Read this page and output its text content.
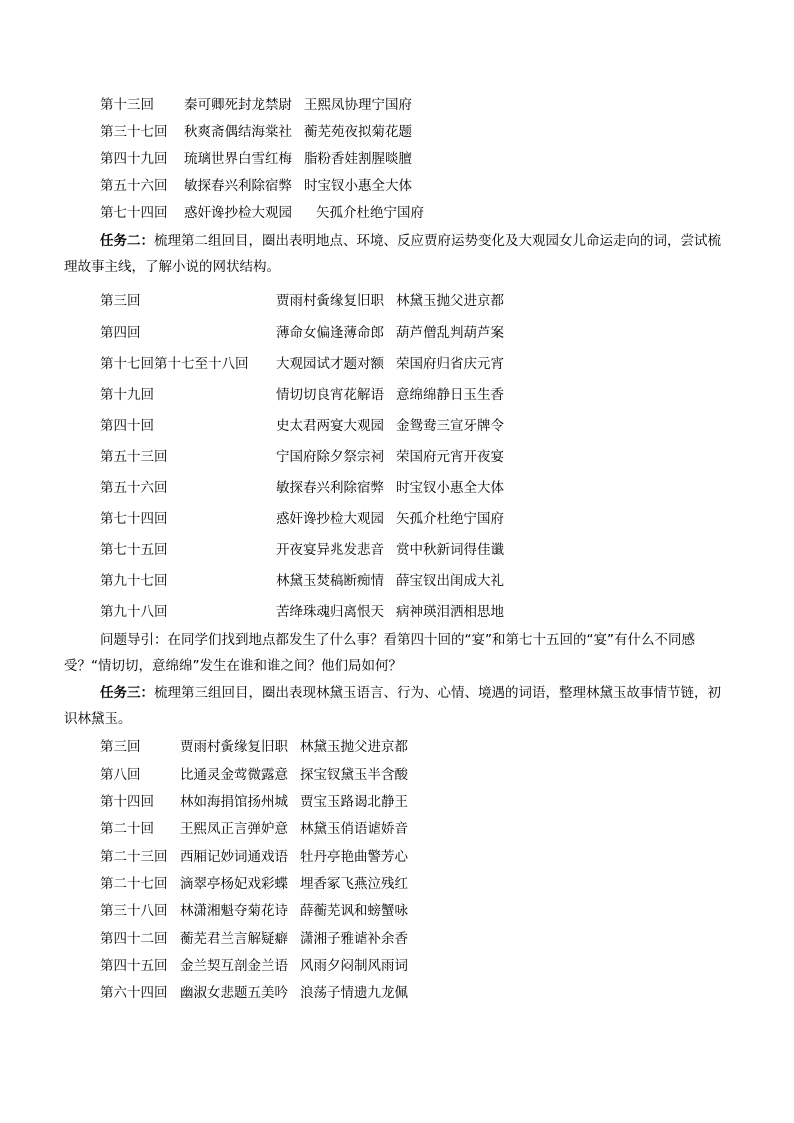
第十三回 秦可卿死封龙禁尉 王熙凤协理宁国府
第三十七回 秋爽斋偶结海棠社 蘅芜苑夜拟菊花题
第四十九回 琉璃世界白雪红梅 脂粉香娃割腥啖膻
第五十六回 敏探春兴利除宿弊 时宝钗小惠全大体
第七十四回 惑奸谗抄检大观园 矢孤介杜绝宁国府
任务二：梳理第二组回目，圈出表明地点、环境、反应贾府运势变化及大观园女儿命运走向的词，尝试梳理故事主线，了解小说的网状结构。
第三回	贾雨村夤缘复旧职 林黛玉抛父进京都
第四回	薄命女偏逢薄命郎 葫芦僧乱判葫芦案
第十七回第十七至十八回 大观园试才题对额 荣国府归省庆元宵
第十九回	情切切良宵花解语 意绵绵静日玉生香
第四十回	史太君两宴大观园 金鸳鸯三宣牙牌令
第五十三回	宁国府除夕祭宗祠 荣国府元宵开夜宴
第五十六回	敏探春兴利除宿弊 时宝钗小惠全大体
第七十四回	惑奸谗抄检大观园 矢孤介杜绝宁国府
第七十五回	开夜宴异兆发悲音 赏中秋新词得佳谶
第九十七回	林黛玉焚稿断痴情 薛宝钗出闺成大礼
第九十八回	苦绛珠魂归离恨天 病神瑛泪洒相思地
问题导引：在同学们找到地点都发生了什么事？看第四十回的“宴”和第七十五回的“宴”有什么不同感受？“情切切，意绵绵”发生在谁和谁之间？他们局如何？
任务三：梳理第三组回目，圈出表现林黛玉语言、行为、心情、境遇的词语，整理林黛玉故事情节链，初识林黛玉。
第三回	贾雨村夤缘复旧职 林黛玉抛父进京都
第八回	比通灵金莺微露意 探宝钗黛玉半含酸
第十四回 林如海捐馆扬州城 贾宝玉路谒北静王
第二十回 王熙凤正言弹妒意 林黛玉俏语谑娇音
第二十三回 西厢记妙词通戏语 牡丹亭艳曲警芳心
第二十七回 滴翠亭杨妃戏彩蝶 埋香冢飞燕泣残红
第三十八回 林潇湘魁夺菊花诗 薛蘅芜讽和螃蟹咏
第四十二回 蘅芜君兰言解疑癖 潇湘子雅谑补余香
第四十五回 金兰契互剖金兰语 风雨夕闷制风雨词
第六十四回 幽淑女悲题五美吟 浪荡子情遗九龙佩
